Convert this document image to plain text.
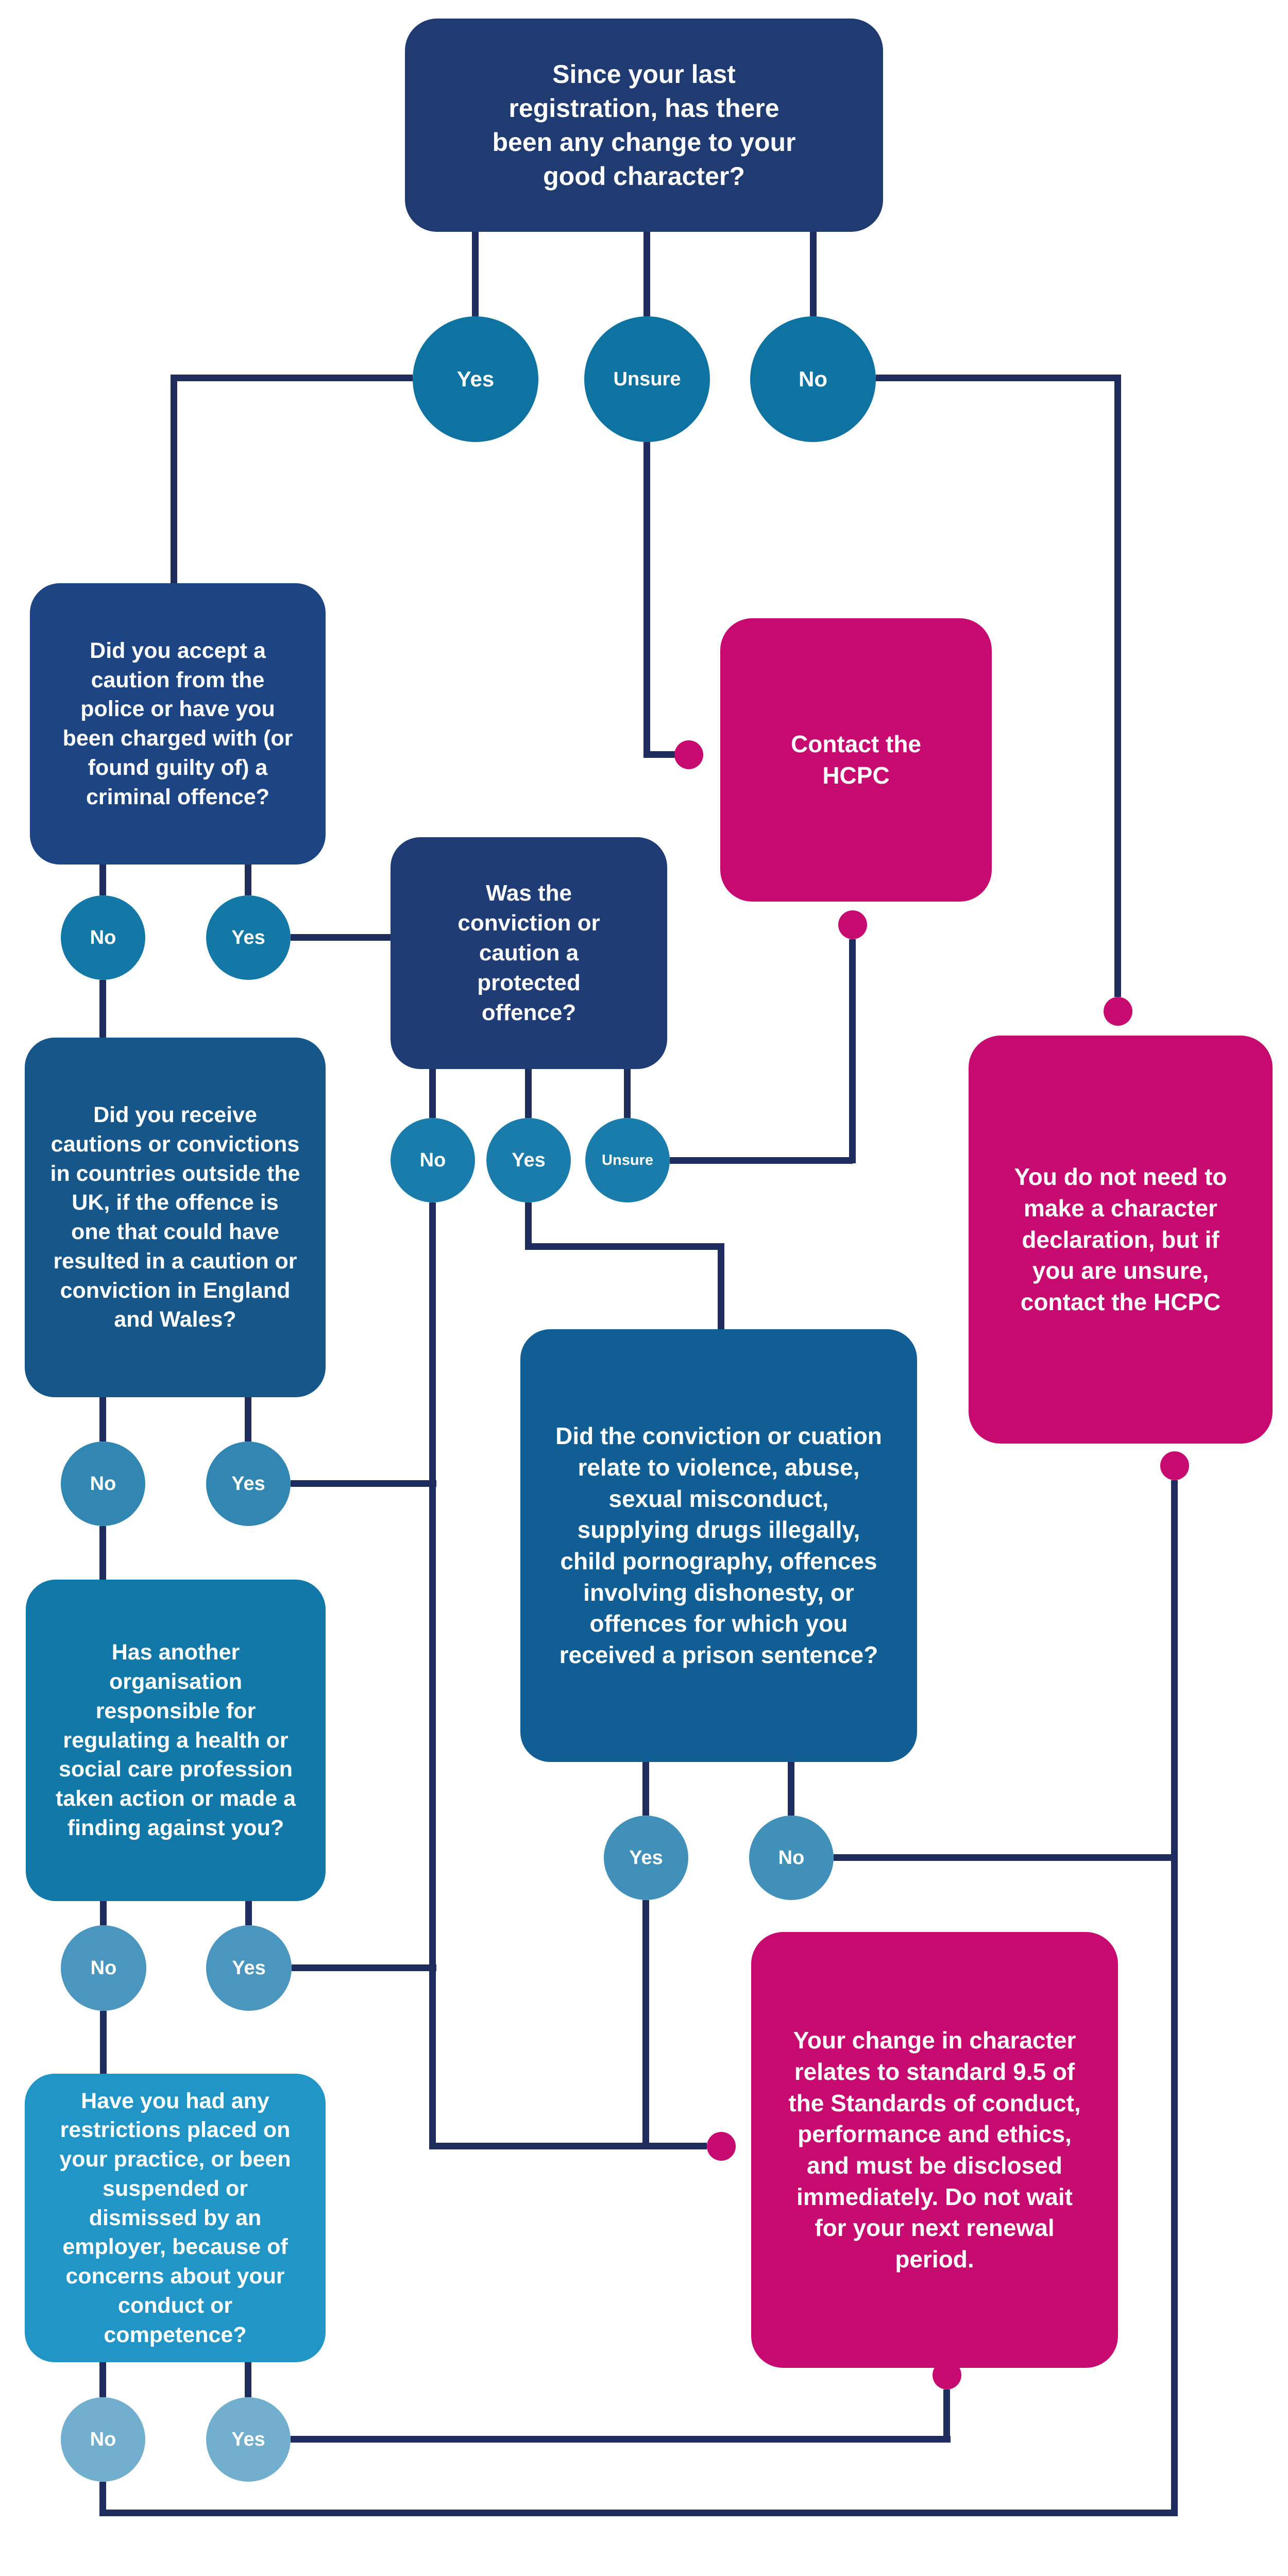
Since your last registration, has there been any change to your good character?
Did you accept a caution from the police or have you been charged with (or found guilty of) a criminal offence?
Was the conviction or caution a protected offence?
Contact the HCPC
Did you receive cautions or convictions in countries outside the UK, if the offence is one that could have resulted in a caution or conviction in England and Wales?
You do not need to make a character declaration, but if you are unsure, contact the HCPC
Did the conviction or cuation relate to violence, abuse, sexual misconduct, supplying drugs illegally, child pornography, offences involving dishonesty, or offences for which you received a prison sentence?
Has another organisation responsible for regulating a health or social care profession taken action or made a finding against you?
Your change in character relates to standard 9.5 of the Standards of conduct, performance and ethics, and must be disclosed immediately. Do not wait for your next renewal period.
Have you had any restrictions placed on your practice, or been suspended or dismissed by an employer, because of concerns about your conduct or competence?
Yes	Unsure	No
No	Yes
No	Yes	Unsure
No	Yes
Yes	No
No	Yes
No	Yes
